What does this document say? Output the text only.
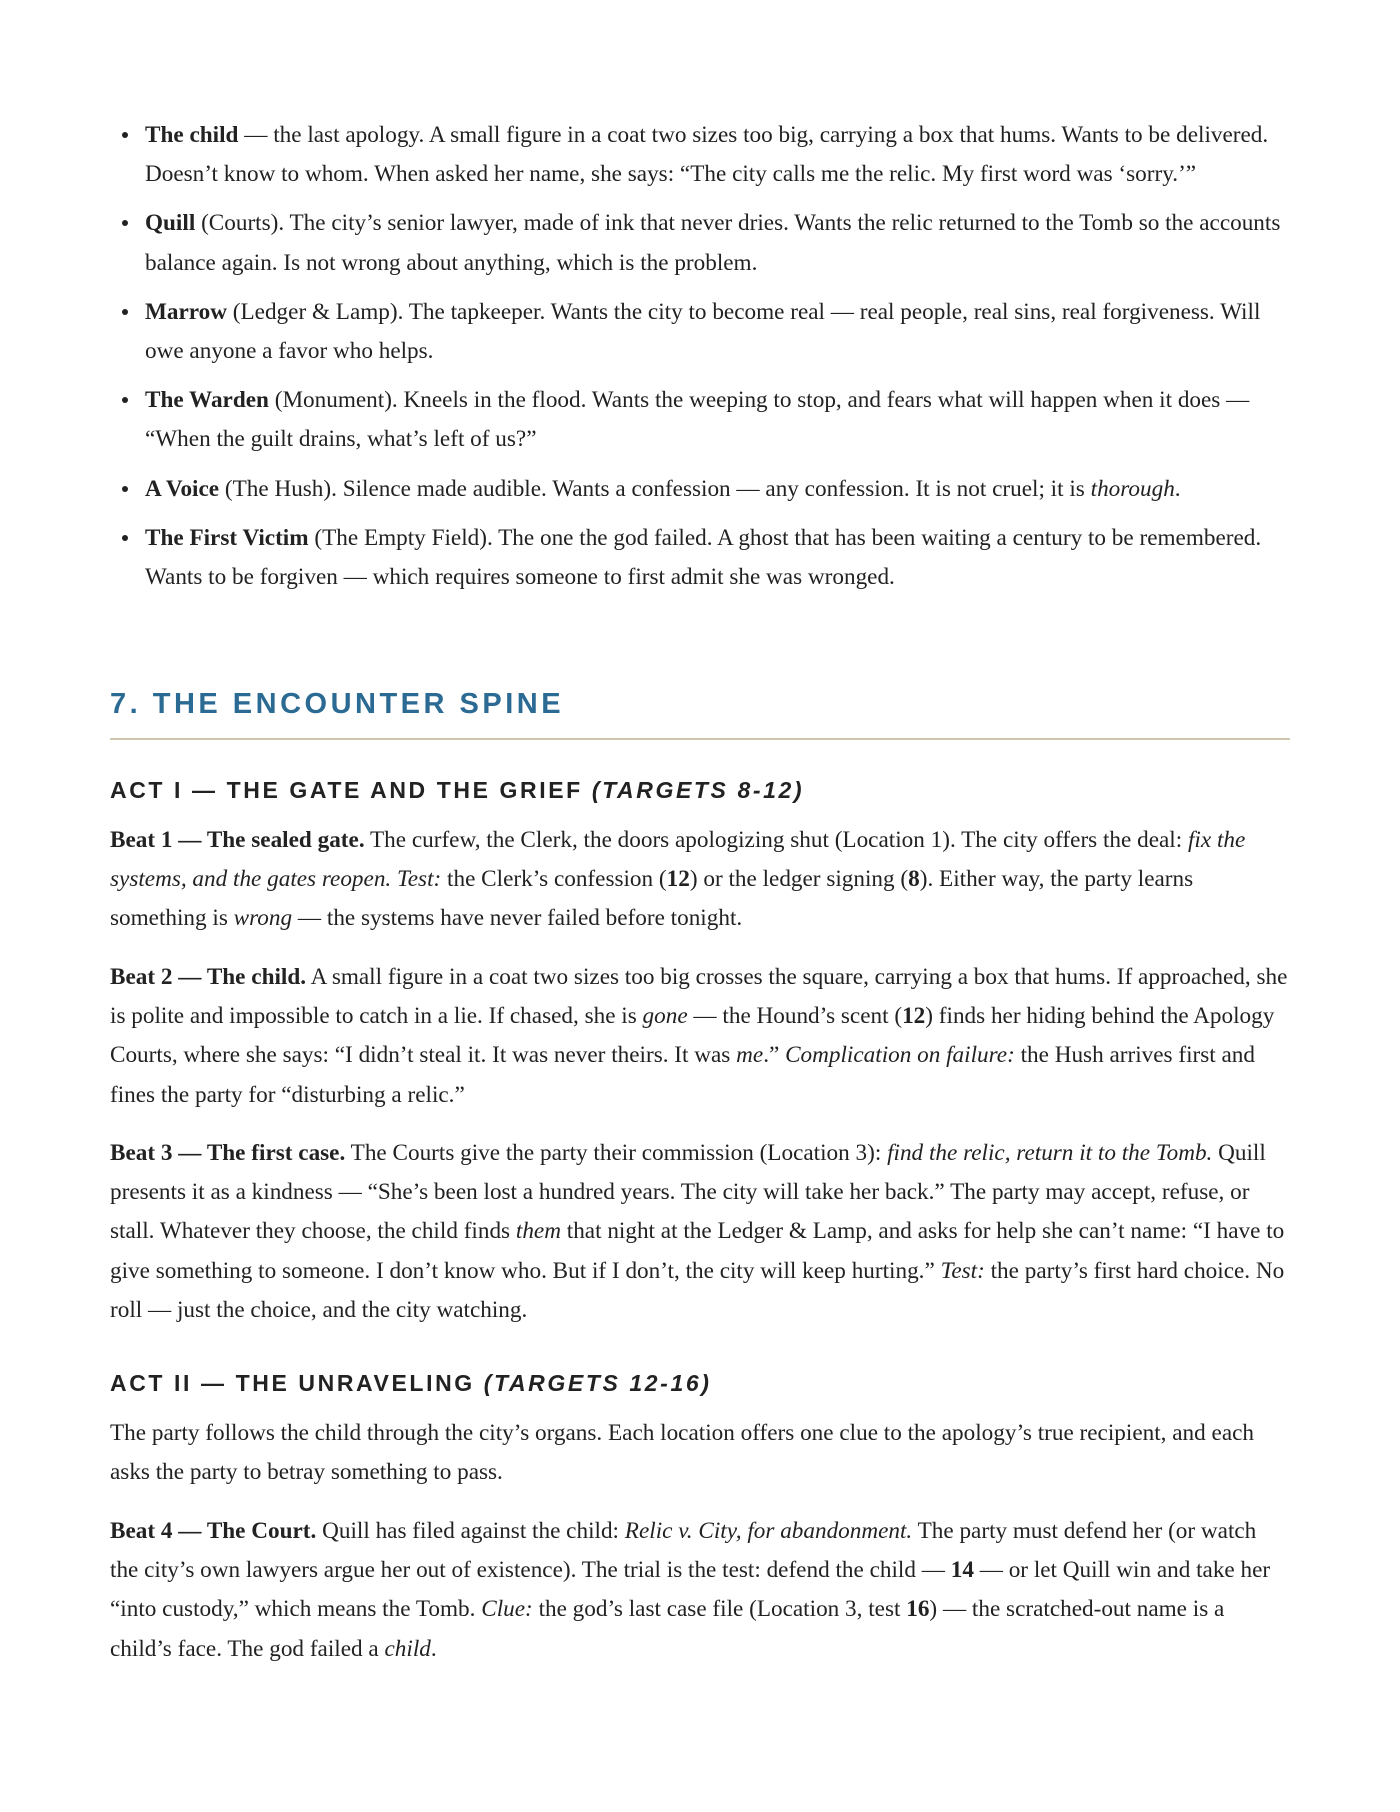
The child — the last apology. A small figure in a coat two sizes too big, carrying a box that hums. Wants to be delivered. Doesn’t know to whom. When asked her name, she says: “The city calls me the relic. My first word was ‘sorry.’”
Quill (Courts). The city’s senior lawyer, made of ink that never dries. Wants the relic returned to the Tomb so the accounts balance again. Is not wrong about anything, which is the problem.
Marrow (Ledger & Lamp). The tapkeeper. Wants the city to become real — real people, real sins, real forgiveness. Will owe anyone a favor who helps.
The Warden (Monument). Kneels in the flood. Wants the weeping to stop, and fears what will happen when it does — “When the guilt drains, what’s left of us?”
A Voice (The Hush). Silence made audible. Wants a confession — any confession. It is not cruel; it is thorough.
The First Victim (The Empty Field). The one the god failed. A ghost that has been waiting a century to be remembered. Wants to be forgiven — which requires someone to first admit she was wronged.
7. THE ENCOUNTER SPINE
ACT I — THE GATE AND THE GRIEF (TARGETS 8-12)

Beat 1 — The sealed gate. The curfew, the Clerk, the doors apologizing shut (Location 1). The city offers the deal: fix the systems, and the gates reopen. Test: the Clerk’s confession (12) or the ledger signing (8). Either way, the party learns something is wrong — the systems have never failed before tonight.

Beat 2 — The child. A small figure in a coat two sizes too big crosses the square, carrying a box that hums. If approached, she is polite and impossible to catch in a lie. If chased, she is gone — the Hound’s scent (12) finds her hiding behind the Apology Courts, where she says: “I didn’t steal it. It was never theirs. It was me.” Complication on failure: the Hush arrives first and fines the party for “disturbing a relic.”

Beat 3 — The first case. The Courts give the party their commission (Location 3): find the relic, return it to the Tomb. Quill presents it as a kindness — “She’s been lost a hundred years. The city will take her back.” The party may accept, refuse, or stall. Whatever they choose, the child finds them that night at the Ledger & Lamp, and asks for help she can’t name: “I have to give something to someone. I don’t know who. But if I don’t, the city will keep hurting.” Test: the party’s first hard choice. No roll — just the choice, and the city watching.

ACT II — THE UNRAVELING (TARGETS 12-16)

The party follows the child through the city’s organs. Each location offers one clue to the apology’s true recipient, and each asks the party to betray something to pass.

Beat 4 — The Court. Quill has filed against the child: Relic v. City, for abandonment. The party must defend her (or watch the city’s own lawyers argue her out of existence). The trial is the test: defend the child — 14 — or let Quill win and take her “into custody,” which means the Tomb. Clue: the god’s last case file (Location 3, test 16) — the scratched-out name is a child’s face. The god failed a child.
